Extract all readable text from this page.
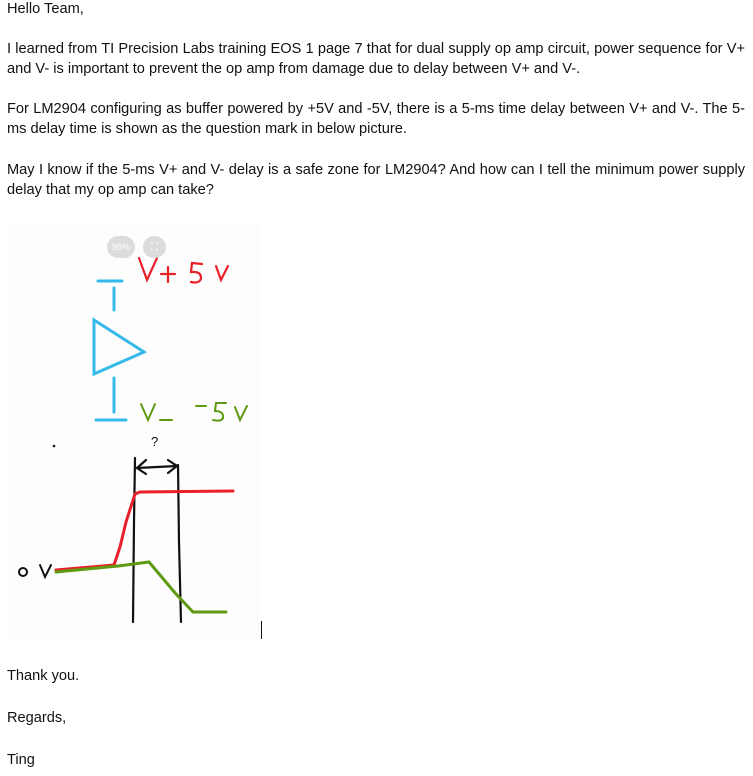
Hello Team,

I learned from TI Precision Labs training EOS 1 page 7 that for dual supply op amp circuit, power sequence for V+ and V- is important to prevent the op amp from damage due to delay between V+ and V-.

For LM2904 configuring as buffer powered by +5V and -5V, there is a 5-ms time delay between V+ and V-. The 5-ms delay time is shown as the question mark in below picture.

May I know if the 5-ms V+ and V- delay is a safe zone for LM2904? And how can I tell the minimum power supply delay that my op amp can take?

?
96%	⛶

Thank you.

Regards,

Ting
